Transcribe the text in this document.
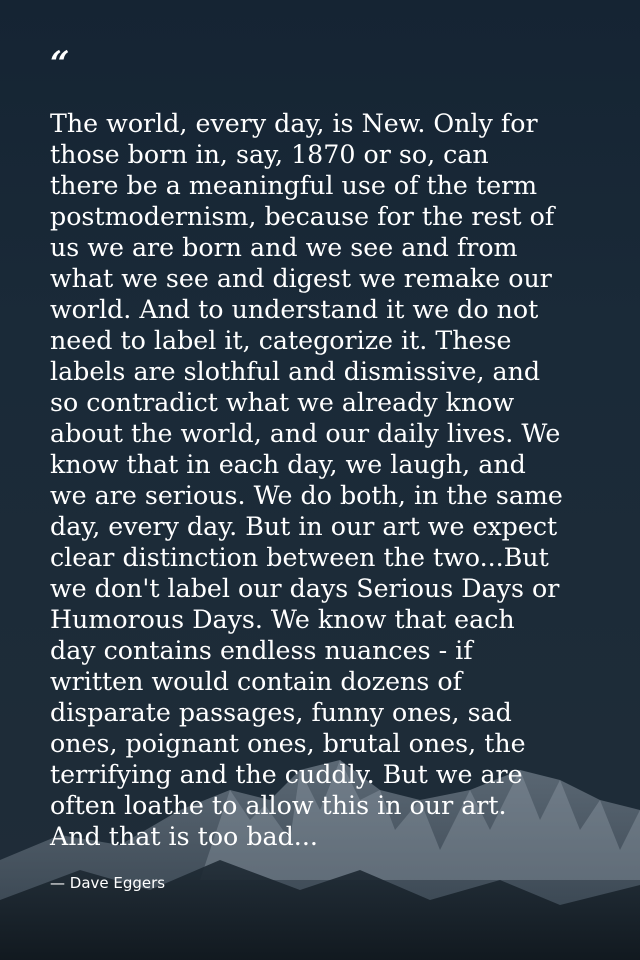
“

The world, every day, is New. Only for
those born in, say, 1870 or so, can
there be a meaningful use of the term
postmodernism, because for the rest of
us we are born and we see and from
what we see and digest we remake our
world. And to understand it we do not
need to label it, categorize it. These
labels are slothful and dismissive, and
so contradict what we already know
about the world, and our daily lives. We
know that in each day, we laugh, and
we are serious. We do both, in the same
day, every day. But in our art we expect
clear distinction between the two...But
we don't label our days Serious Days or
Humorous Days. We know that each
day contains endless nuances - if
written would contain dozens of
disparate passages, funny ones, sad
ones, poignant ones, brutal ones, the
terrifying and the cuddly. But we are
often loathe to allow this in our art.
And that is too bad...

— Dave Eggers
